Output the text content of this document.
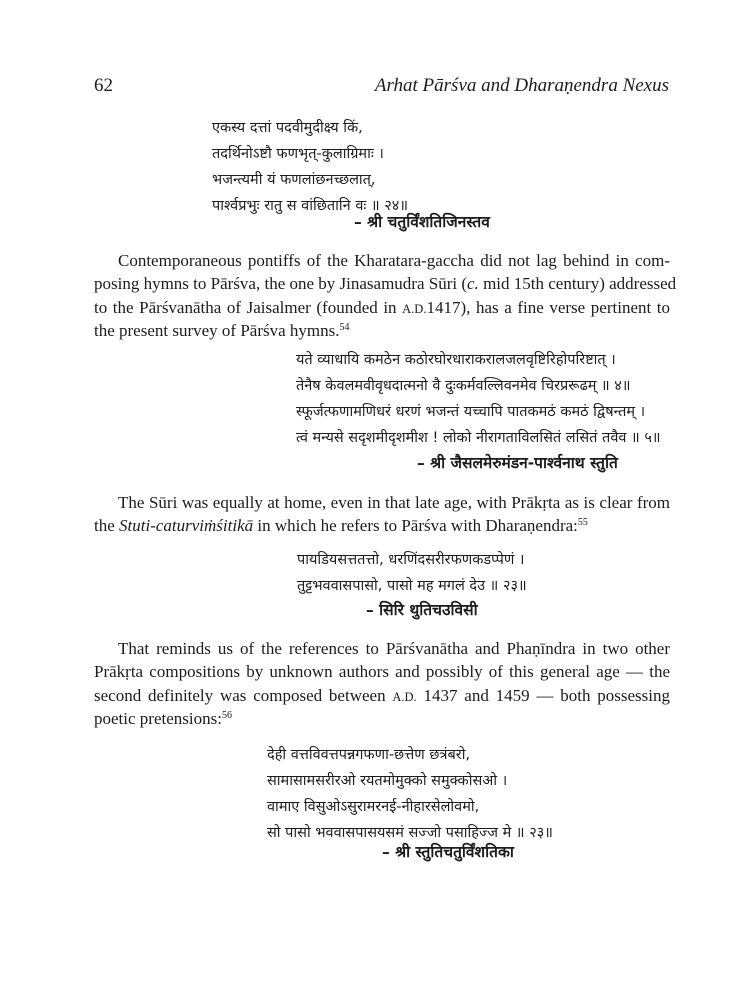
62	Arhat Pārśva and Dharaṇendra Nexus
एकस्य दत्तां पदवीमुदीक्ष्य किं,
तदर्थिनोऽष्टौ फणभृत्-कुलाग्रिमाः ।
भजन्त्यमी यं फणलांछनच्छलात्,
पार्श्वप्रभुः रातु स वांछितानि वः ॥ २४॥
– श्री चतुर्विंशतिजिनस्तव
Contemporaneous pontiffs of the Kharatara-gaccha did not lag behind in com-
posing hymns to Pārśva, the one by Jinasamudra Sūri (c. mid 15th century) addressed
to the Pārśvanātha of Jaisalmer (founded in A.D.1417), has a fine verse pertinent to
the present survey of Pārśva hymns.$^{54}$
यते व्याधायि कमठेन कठोरघोरधाराकरालजलवृष्टिरिहोपरिष्टात् ।
तेनैष केवलमवीवृधदात्मनो वै दुःकर्मवल्लिवनमेव चिरप्ररूढम् ॥ ४॥
स्फूर्जत्फणामणिधरं धरणं भजन्तं यच्चापि पातकमठं कमठं द्विषन्तम् ।
त्वं मन्यसे सदृशमीदृशमीश ! लोको नीरागताविलसितं लसितं तवैव ॥ ५॥
– श्री जैसलमेरुमंडन-पार्श्वनाथ स्तुति
The Sūri was equally at home, even in that late age, with Prākṛta as is clear from
the Stuti-caturviṁśitikā in which he refers to Pārśva with Dharaṇendra:$^{55}$
पायडियसत्ततत्तो, धरणिंदसरीरफणकडप्पेणं ।
तुट्टभववासपासो, पासो मह मगलं देउ ॥ २३॥
– सिरि थुतिचउविसी
That reminds us of the references to Pārśvanātha and Phaṇīndra in two other
Prākṛta compositions by unknown authors and possibly of this general age — the
second definitely was composed between A.D. 1437 and 1459 — both possessing
poetic pretensions:$^{56}$
देही वत्तविवत्तपन्नगफणा-छत्तेण छत्रंबरो,
सामासामसरीरओ रयतमोमुक्को समुक्कोसओ ।
वामाए विसुओऽसुरामरनई-नीहारसेलोवमो,
सो पासो भववासपासयसमं सज्जो पसाहिज्ज मे ॥ २३॥
– श्री स्तुतिचतुर्विंशतिका
